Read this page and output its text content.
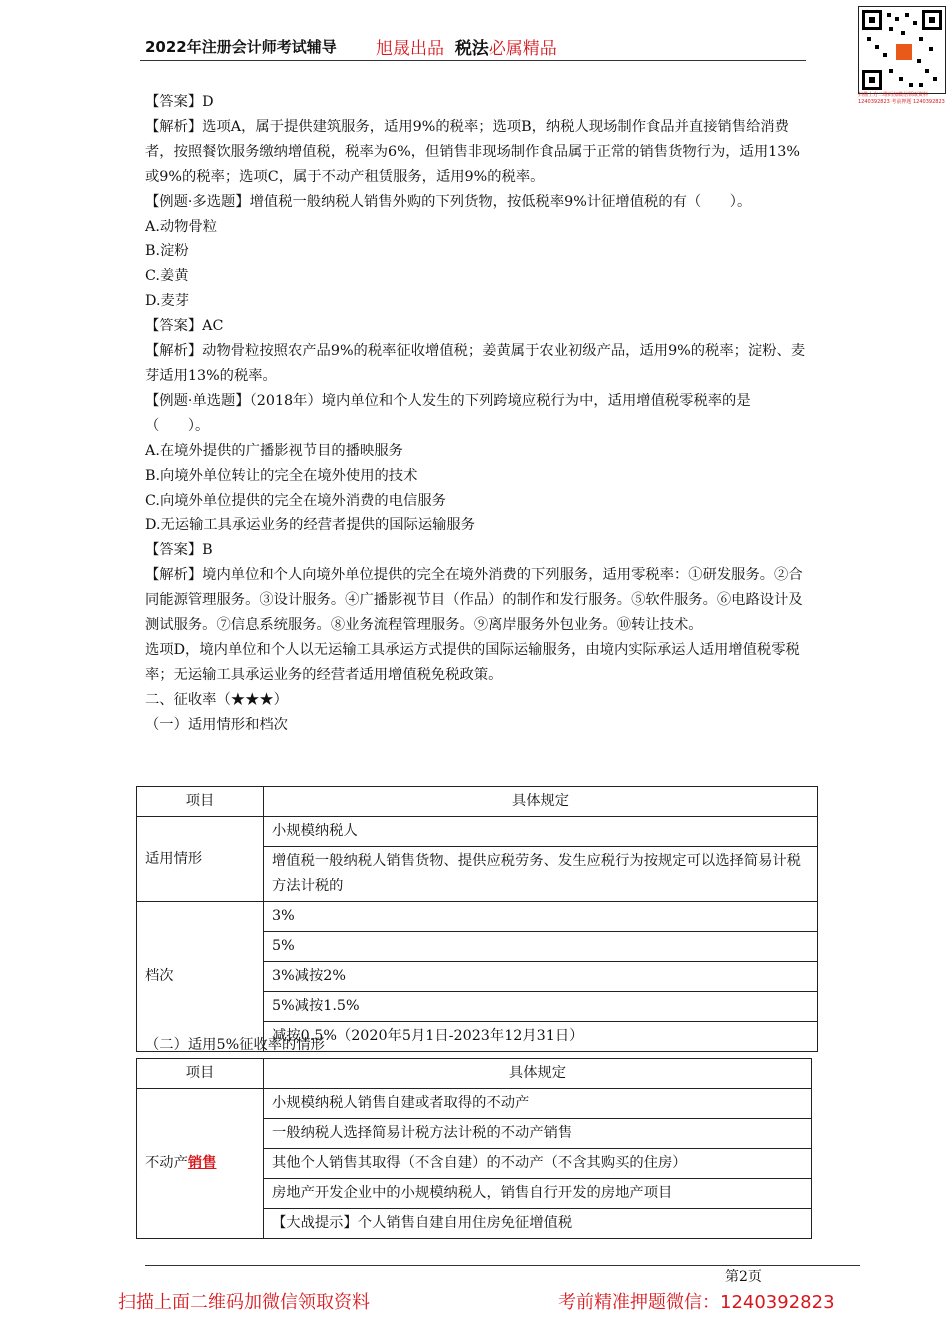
2022年注册会计师考试辅导 旭晟出品 税法必属精品
扫描上方二维码加微信领取资料 1240392823 考前押题 1240392823

【答案】D

【解析】选项A，属于提供建筑服务，适用9%的税率；选项B，纳税人现场制作食品并直接销售给消费者，按照餐饮服务缴纳增值税，税率为6%，但销售非现场制作食品属于正常的销售货物行为，适用13%或9%的税率；选项C，属于不动产租赁服务，适用9%的税率。

【例题·多选题】增值税一般纳税人销售外购的下列货物，按低税率9%计征增值税的有（　　）。

A.动物骨粒

B.淀粉

C.姜黄

D.麦芽

【答案】AC

【解析】动物骨粒按照农产品9%的税率征收增值税；姜黄属于农业初级产品，适用9%的税率；淀粉、麦芽适用13%的税率。

【例题·单选题】（2018年）境内单位和个人发生的下列跨境应税行为中，适用增值税零税率的是（　　）。

A.在境外提供的广播影视节目的播映服务

B.向境外单位转让的完全在境外使用的技术

C.向境外单位提供的完全在境外消费的电信服务

D.无运输工具承运业务的经营者提供的国际运输服务

【答案】B

【解析】境内单位和个人向境外单位提供的完全在境外消费的下列服务，适用零税率：①研发服务。②合同能源管理服务。③设计服务。④广播影视节目（作品）的制作和发行服务。⑤软件服务。⑥电路设计及测试服务。⑦信息系统服务。⑧业务流程管理服务。⑨离岸服务外包业务。⑩转让技术。

选项D，境内单位和个人以无运输工具承运方式提供的国际运输服务，由境内实际承运人适用增值税零税率；无运输工具承运业务的经营者适用增值税免税政策。

二、征收率（★★★）

（一）适用情形和档次

项目	具体规定
适用情形	小规模纳税人
	增值税一般纳税人销售货物、提供应税劳务、发生应税行为按规定可以选择简易计税方法计税的
档次	3%
	5%
	3%减按2%
	5%减按1.5%
	减按0.5%（2020年5月1日-2023年12月31日）
（二）适用5%征收率的情形
项目	具体规定
不动产销售	小规模纳税人销售自建或者取得的不动产
	一般纳税人选择简易计税方法计税的不动产销售
	其他个人销售其取得（不含自建）的不动产（不含其购买的住房）
	房地产开发企业中的小规模纳税人，销售自行开发的房地产项目
	【大战提示】个人销售自建自用住房免征增值税
第2页
扫描上面二维码加微信领取资料	考前精准押题微信：1240392823
